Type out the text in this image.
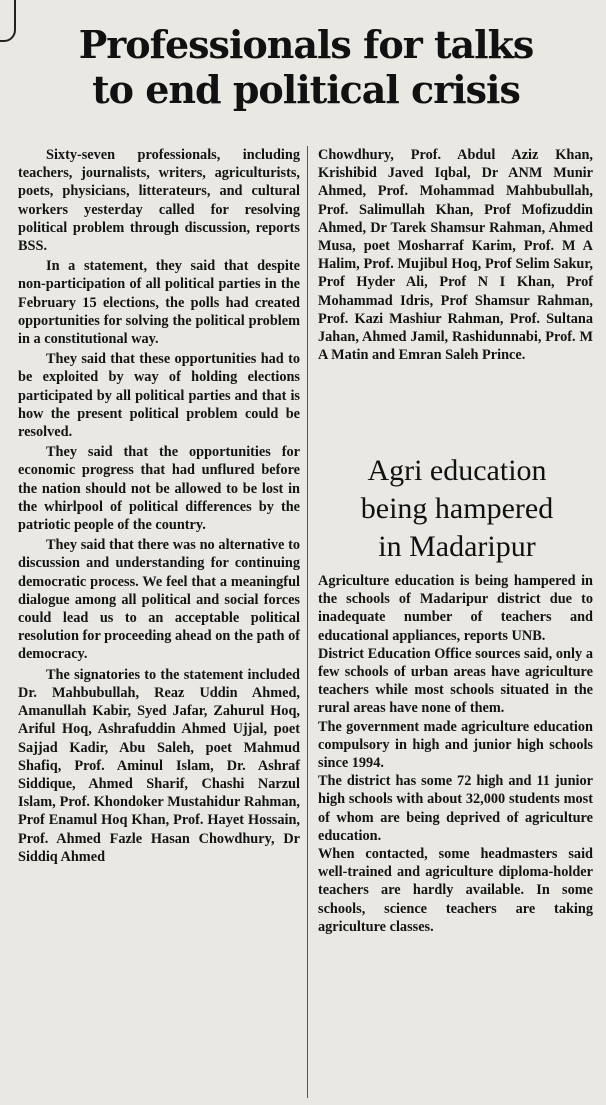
Professionals for talks
to end political crisis

Sixty-seven professionals, including teachers, journalists, writers, agriculturists, poets, physicians, litterateurs, and cultural workers yesterday called for resolving political problem through discussion, reports BSS.

In a statement, they said that despite non-participation of all political parties in the February 15 elections, the polls had created opportunities for solving the political problem in a constitutional way.

They said that these opportunities had to be exploited by way of holding elections participated by all political parties and that is how the present political problem could be resolved.

They said that the opportunities for economic progress that had unflured before the nation should not be allowed to be lost in the whirlpool of political differences by the patriotic people of the country.

They said that there was no alternative to discussion and understanding for continuing democratic process. We feel that a meaningful dialogue among all political and social forces could lead us to an acceptable political resolution for proceeding ahead on the path of democracy.

The signatories to the statement included Dr. Mahbubullah, Reaz Uddin Ahmed, Amanullah Kabir, Syed Jafar, Zahurul Hoq, Ariful Hoq, Ashrafuddin Ahmed Ujjal, poet Sajjad Kadir, Abu Saleh, poet Mahmud Shafiq, Prof. Aminul Islam, Dr. Ashraf Siddique, Ahmed Sharif, Chashi Narzul Islam, Prof. Khondoker Mustahidur Rahman, Prof Enamul Hoq Khan, Prof. Hayet Hossain, Prof. Ahmed Fazle Hasan Chowdhury, Dr Siddiq Ahmed

Chowdhury, Prof. Abdul Aziz Khan, Krishibid Javed Iqbal, Dr ANM Munir Ahmed, Prof. Mohammad Mahbubullah, Prof. Salimullah Khan, Prof Mofizuddin Ahmed, Dr Tarek Shamsur Rahman, Ahmed Musa, poet Mosharraf Karim, Prof. M A Halim, Prof. Mujibul Hoq, Prof Selim Sakur, Prof Hyder Ali, Prof N I Khan, Prof Mohammad Idris, Prof Shamsur Rahman, Prof. Kazi Mashiur Rahman, Prof. Sultana Jahan, Ahmed Jamil, Rashidunnabi, Prof. M A Matin and Emran Saleh Prince.

Agri education
being hampered
in Madaripur

Agriculture education is being hampered in the schools of Madaripur district due to inadequate number of teachers and educational appliances, reports UNB.

District Education Office sources said, only a few schools of urban areas have agriculture teachers while most schools situated in the rural areas have none of them.

The government made agriculture education compulsory in high and junior high schools since 1994.

The district has some 72 high and 11 junior high schools with about 32,000 students most of whom are being deprived of agriculture education.

When contacted, some headmasters said well-trained and agriculture diploma-holder teachers are hardly available. In some schools, science teachers are taking agriculture classes.
